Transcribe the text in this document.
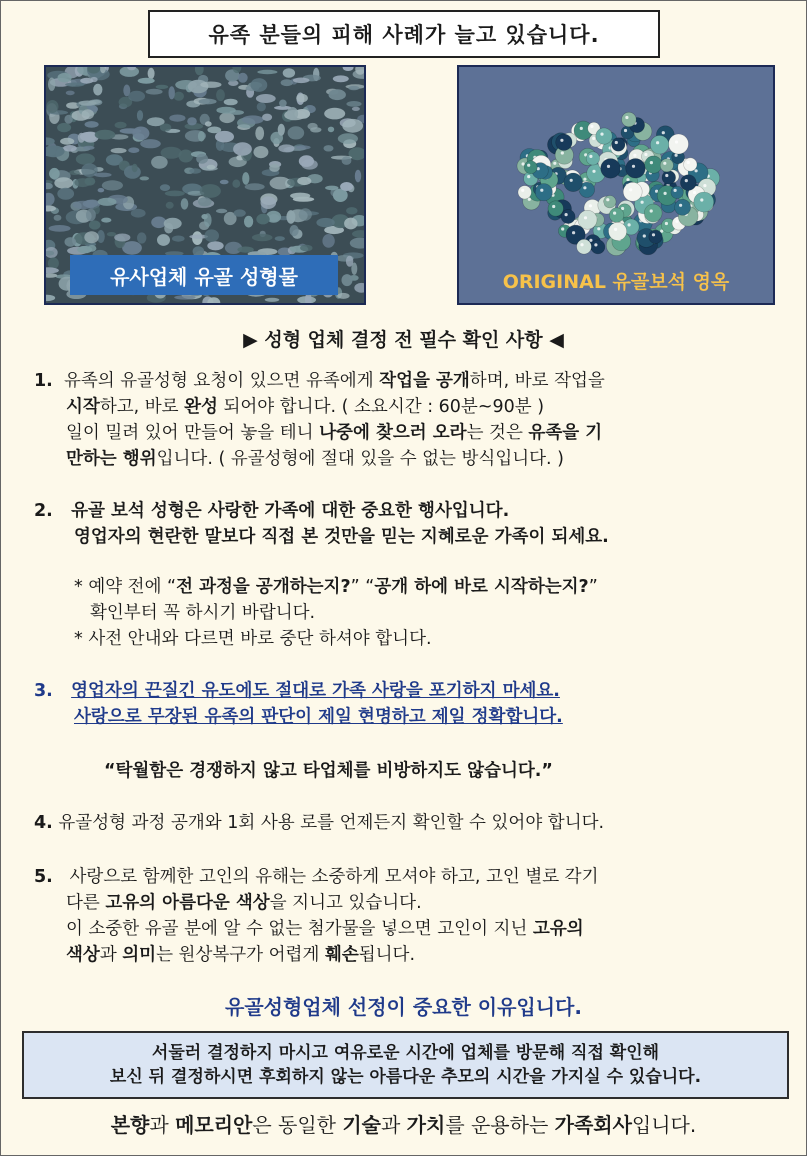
유족 분들의 피해 사례가 늘고 있습니다.
유사업체 유골 성형물	ORIGINAL 유골보석 영옥
▶ 성형 업체 결정 전 필수 확인 사항 ◀
1. 유족의 유골성형 요청이 있으면 유족에게 작업을 공개하며, 바로 작업을
시작하고, 바로 완성 되어야 합니다. ( 소요시간 : 60분~90분 )
일이 밀려 있어 만들어 놓을 테니 나중에 찾으러 오라는 것은 유족을 기
만하는 행위입니다. ( 유골성형에 절대 있을 수 없는 방식입니다. )
2. 유골 보석 성형은 사랑한 가족에 대한 중요한 행사입니다.
영업자의 현란한 말보다 직접 본 것만을 믿는 지혜로운 가족이 되세요.
* 예약 전에 “전 과정을 공개하는지?” “공개 하에 바로 시작하는지?”
확인부터 꼭 하시기 바랍니다.
* 사전 안내와 다르면 바로 중단 하셔야 합니다.
3. 영업자의 끈질긴 유도에도 절대로 가족 사랑을 포기하지 마세요.
사랑으로 무장된 유족의 판단이 제일 현명하고 제일 정확합니다.
“탁월함은 경쟁하지 않고 타업체를 비방하지도 않습니다.”
4. 유골성형 과정 공개와 1회 사용 로를 언제든지 확인할 수 있어야 합니다.
5. 사랑으로 함께한 고인의 유해는 소중하게 모셔야 하고, 고인 별로 각기
다른 고유의 아름다운 색상을 지니고 있습니다.
이 소중한 유골 분에 알 수 없는 첨가물을 넣으면 고인이 지닌 고유의
색상과 의미는 원상복구가 어렵게 훼손됩니다.
유골성형업체 선정이 중요한 이유입니다.
서둘러 결정하지 마시고 여유로운 시간에 업체를 방문해 직접 확인해
보신 뒤 결정하시면 후회하지 않는 아름다운 추모의 시간을 가지실 수 있습니다.
본향과 메모리안은 동일한 기술과 가치를 운용하는 가족회사입니다.
